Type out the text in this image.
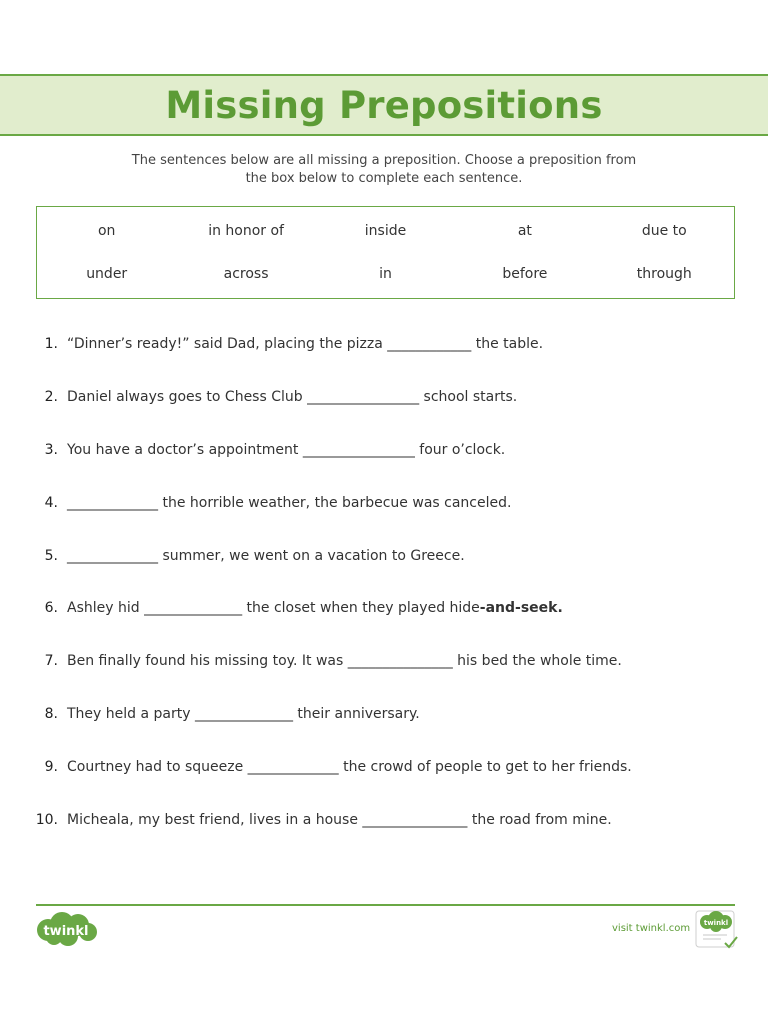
Missing Prepositions
The sentences below are all missing a preposition. Choose a preposition from
the box below to complete each sentence.
on	in honor of	inside	at	due to
under	across	in	before	through
1. “Dinner’s ready!” said Dad, placing the pizza ____________ the table.
2. Daniel always goes to Chess Club ________________ school starts.
3. You have a doctor’s appointment ________________ four o’clock.
4. _____________ the horrible weather, the barbecue was canceled.
5. _____________ summer, we went on a vacation to Greece.
6. Ashley hid ______________ the closet when they played hide-and-seek.
7. Ben finally found his missing toy. It was _______________ his bed the whole time.
8. They held a party ______________ their anniversary.
9. Courtney had to squeeze _____________ the crowd of people to get to her friends.
10. Micheala, my best friend, lives in a house _______________ the road from mine.
twinkl	visit twinkl.com twinkl
